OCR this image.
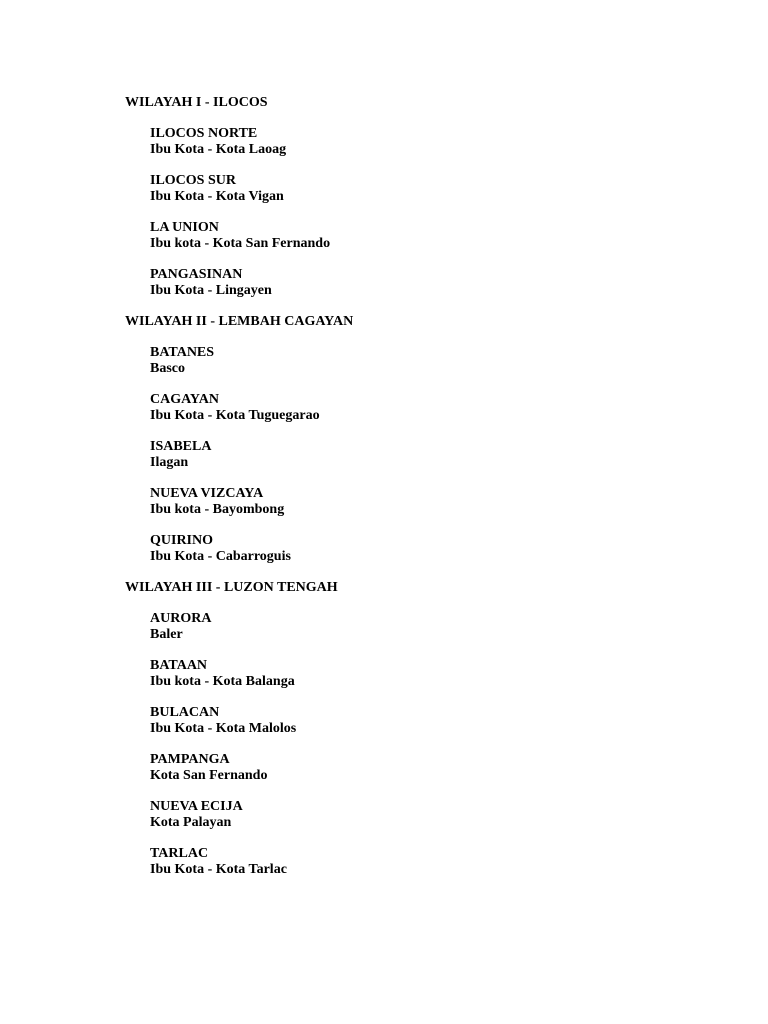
WILAYAH I - ILOCOS
ILOCOS NORTE
Ibu Kota - Kota Laoag
ILOCOS SUR
Ibu Kota - Kota Vigan
LA UNION
Ibu kota - Kota San Fernando
PANGASINAN
Ibu Kota - Lingayen
WILAYAH II - LEMBAH CAGAYAN
BATANES
Basco
CAGAYAN
Ibu Kota - Kota Tuguegarao
ISABELA
Ilagan
NUEVA VIZCAYA
Ibu kota - Bayombong
QUIRINO
Ibu Kota - Cabarroguis
WILAYAH III - LUZON TENGAH
AURORA
Baler
BATAAN
Ibu kota - Kota Balanga
BULACAN
Ibu Kota - Kota Malolos
PAMPANGA
Kota San Fernando
NUEVA ECIJA
Kota Palayan
TARLAC
Ibu Kota - Kota Tarlac
